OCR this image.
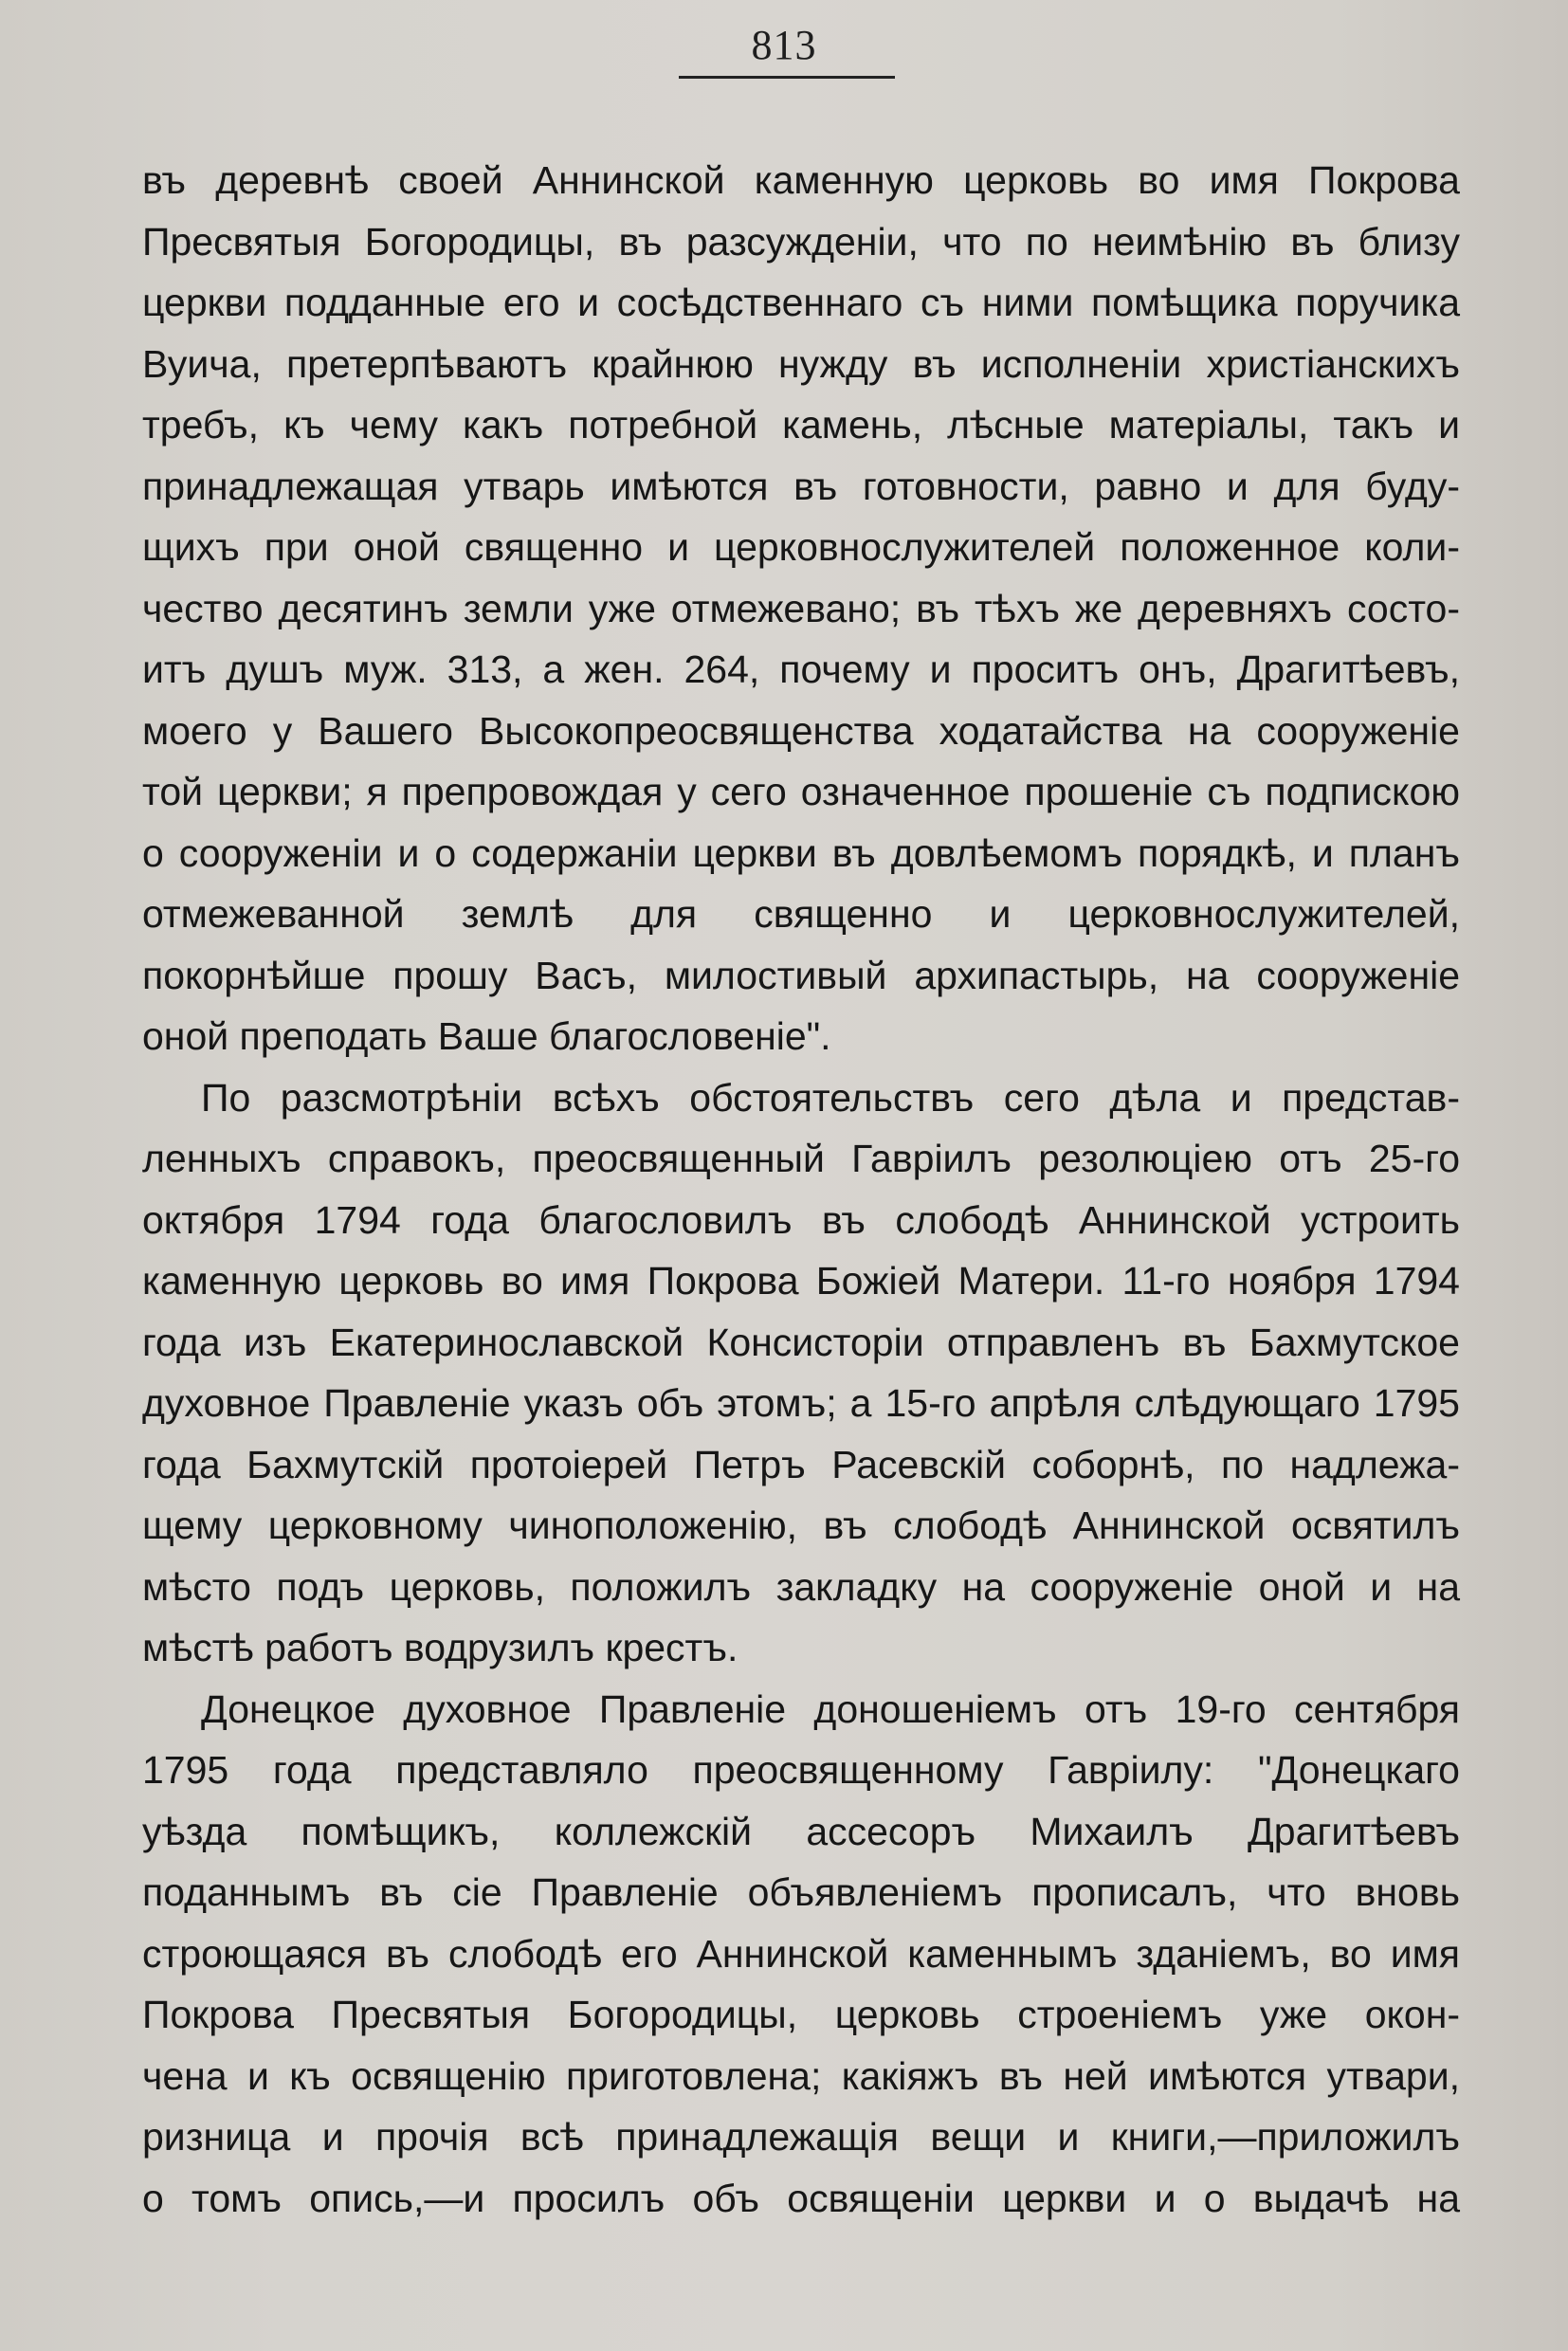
813
въ деревнѣ своей Аннинской каменную церковь во имя Покрова
Пресвятыя Богородицы, въ разсужденіи, что по неимѣнію въ близу
церкви подданные его и сосѣдственнаго съ ними помѣщика поручика
Вуича, претерпѣваютъ крайнюю нужду въ исполненіи христіанскихъ
требъ, къ чему какъ потребной камень, лѣсные матеріалы, такъ и
принадлежащая утварь имѣются въ готовности, равно и для буду-
щихъ при оной священно и церковнослужителей положенное коли-
чество десятинъ земли уже отмежевано; въ тѣхъ же деревняхъ состо-
итъ душъ муж. 313, а жен. 264, почему и проситъ онъ, Драгитѣевъ,
моего у Вашего Высокопреосвященства ходатайства на сооруженіе
той церкви; я препровождая у сего означенное прошеніе съ подпискою
о сооруженіи и о содержаніи церкви въ довлѣемомъ порядкѣ, и планъ
отмежеванной землѣ для священно и церковнослужителей,
покорнѣйше прошу Васъ, милостивый архипастырь, на сооруженіе
оной преподать Ваше благословеніе".
По разсмотрѣніи всѣхъ обстоятельствъ сего дѣла и представ-
ленныхъ справокъ, преосвященный Гавріилъ резолюціею отъ 25-го
октября 1794 года благословилъ въ слободѣ Аннинской устроить
каменную церковь во имя Покрова Божіей Матери. 11-го ноября 1794
года изъ Екатеринославской Консисторіи отправленъ въ Бахмутское
духовное Правленіе указъ объ этомъ; а 15-го апрѣля слѣдующаго 1795
года Бахмутскій протоіерей Петръ Расевскій соборнѣ, по надлежа-
щему церковному чиноположенію, въ слободѣ Аннинской освятилъ
мѣсто подъ церковь, положилъ закладку на сооруженіе оной и на
мѣстѣ работъ водрузилъ крестъ.
Донецкое духовное Правленіе доношеніемъ отъ 19-го сентября
1795 года представляло преосвященному Гавріилу: "Донецкаго
уѣзда помѣщикъ, коллежскій ассесоръ Михаилъ Драгитѣевъ
поданнымъ въ сіе Правленіе объявленіемъ прописалъ, что вновь
строющаяся въ слободѣ его Аннинской каменнымъ зданіемъ, во имя
Покрова Пресвятыя Богородицы, церковь строеніемъ уже окон-
чена и къ освященію приготовлена; какіяжъ въ ней имѣются утвари,
ризница и прочія всѣ принадлежащія вещи и книги,—приложилъ
о томъ опись,—и просилъ объ освященіи церкви и о выдачѣ на
